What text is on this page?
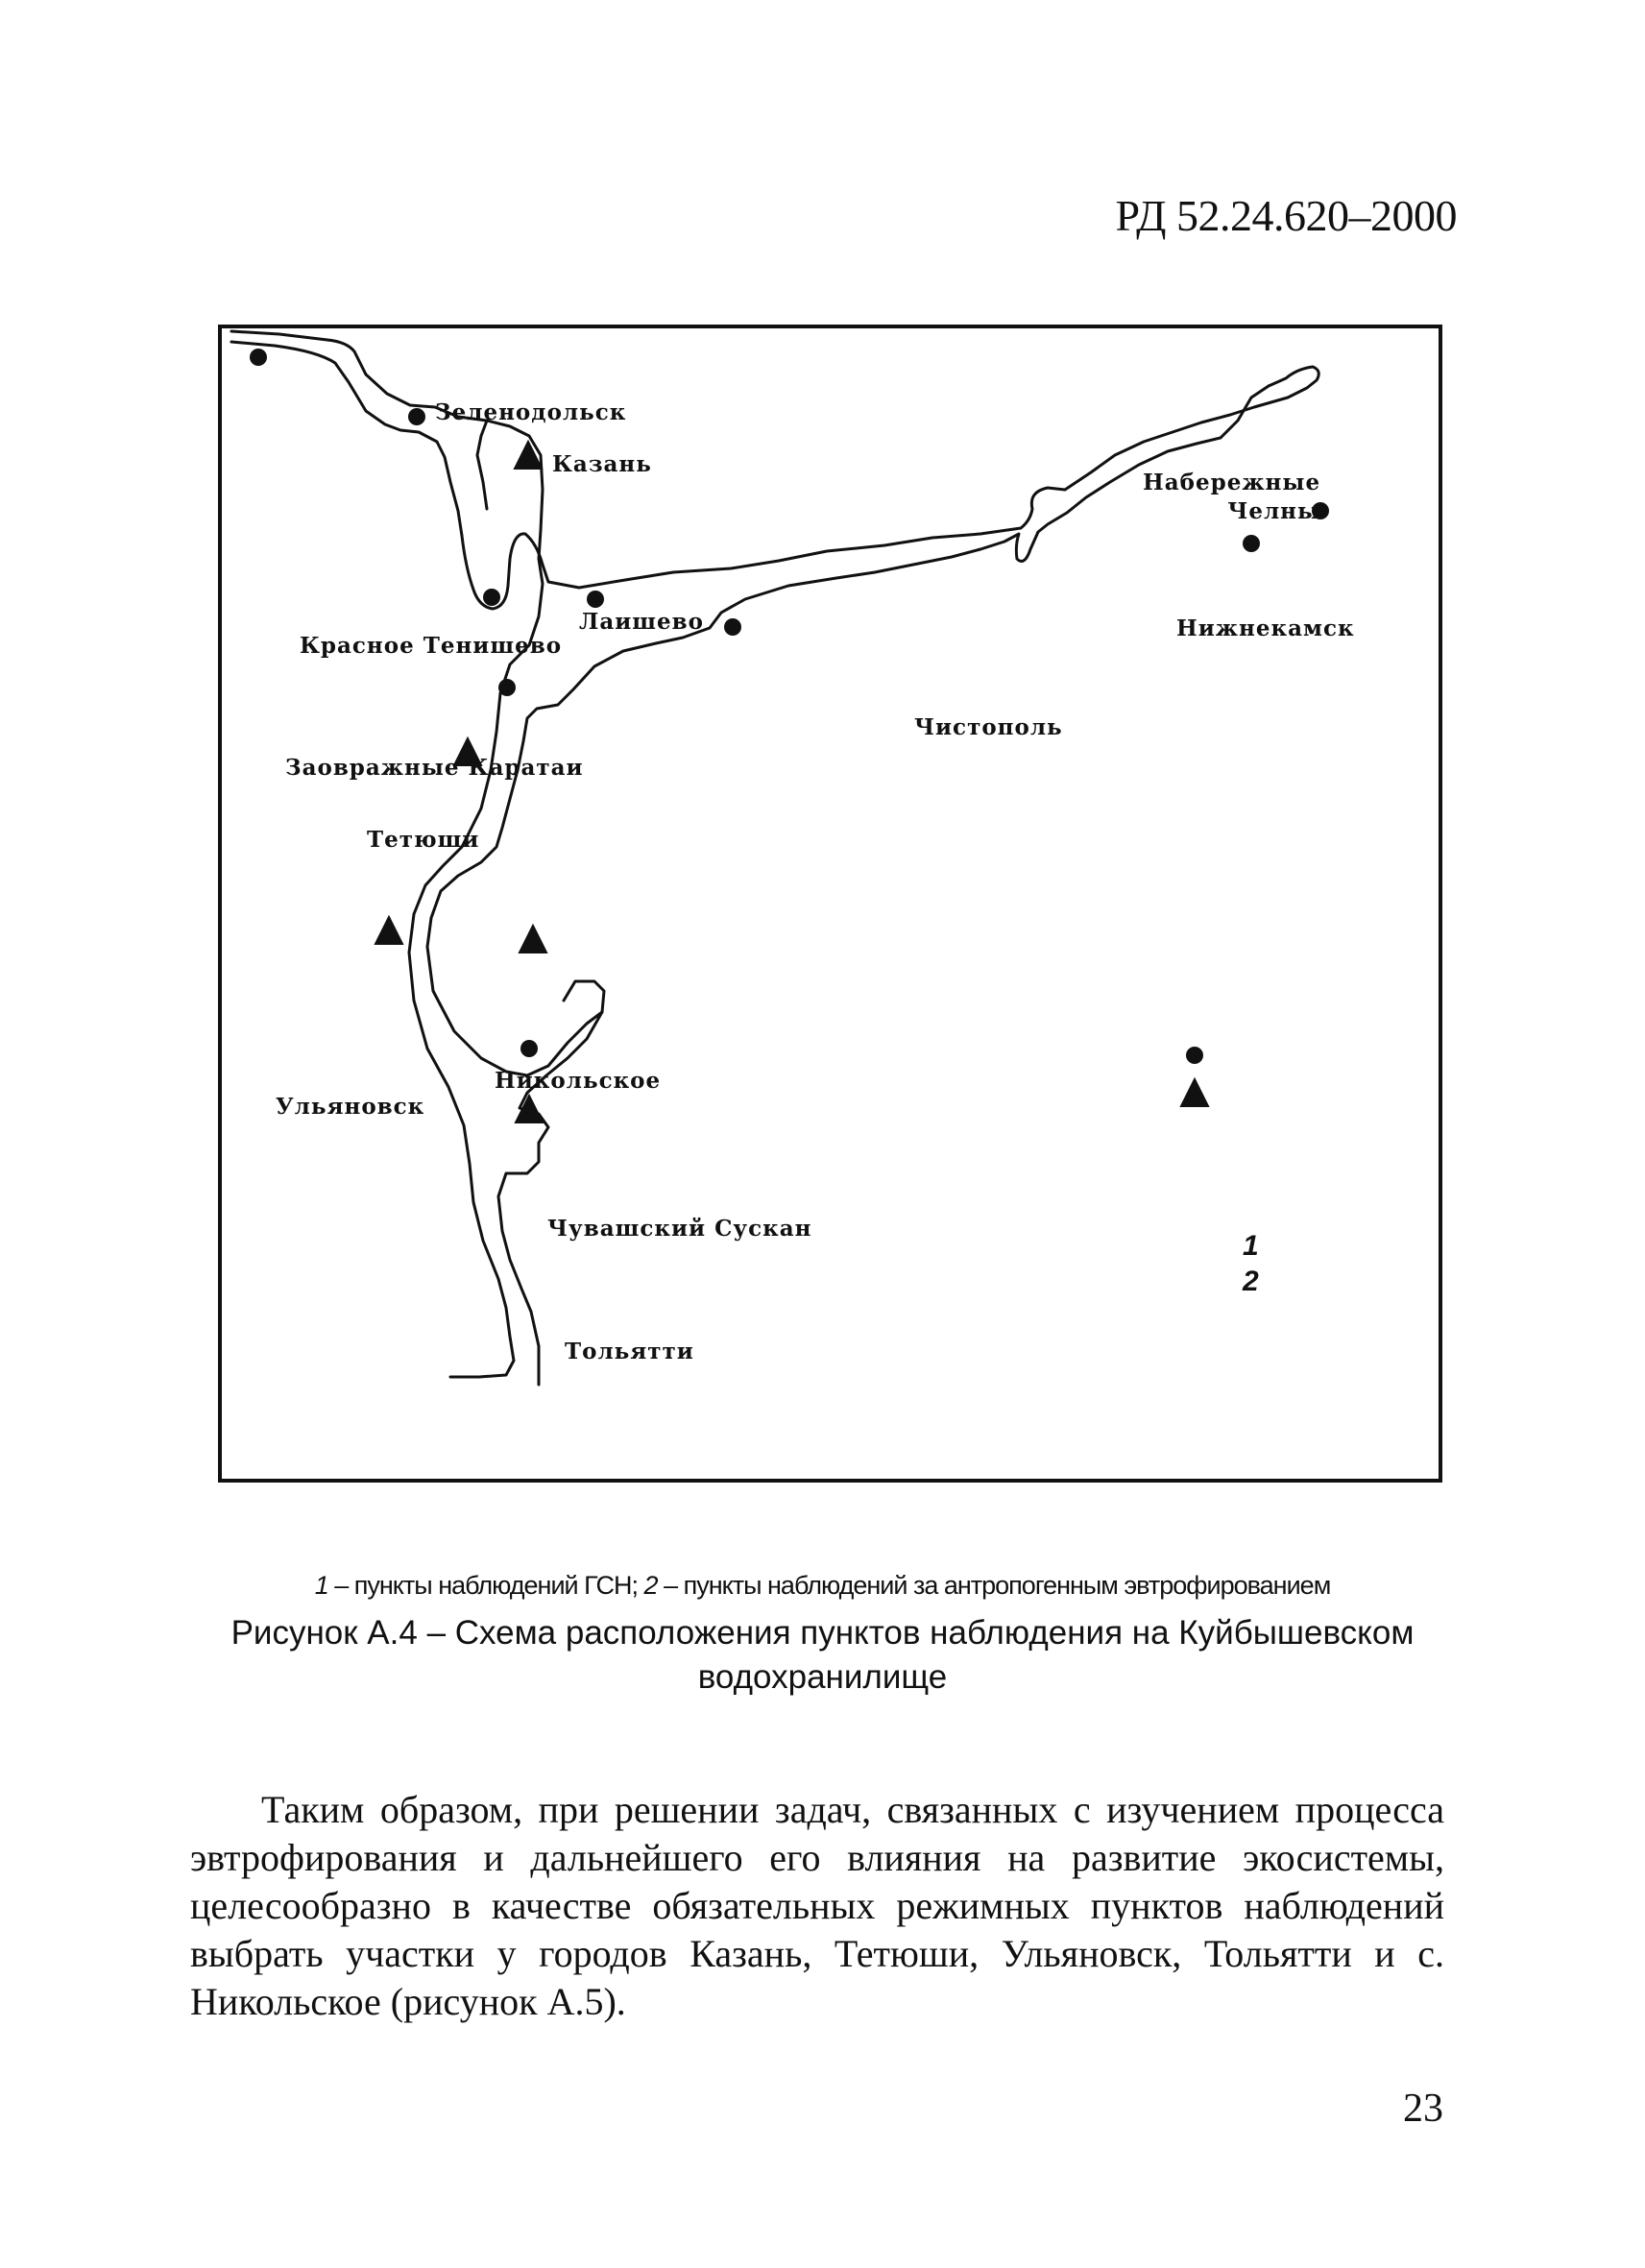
РД 52.24.620–2000
Зеленодольск
Казань
Набережные
Челны
Нижнекамск
Лаишево
Красное Тенишево
Чистополь
Заовражные Каратаи
Тетюши
Ульяновск
Никольское
Чувашский Сускан
Тольятти
1
2
1 – пункты наблюдений ГСН; 2 – пункты наблюдений за антропогенным эвтрофированием
Рисунок А.4 – Схема расположения пунктов наблюдения на Куйбышевском водохранилище

Таким образом, при решении задач, связанных с изучением процесса эвтрофирования и дальнейшего его влияния на развитие экосистемы, целесообразно в качестве обязательных режимных пунктов наблюдений выбрать участки у городов Казань, Тетюши, Ульяновск, Тольятти и с. Никольское (рисунок А.5).

23
